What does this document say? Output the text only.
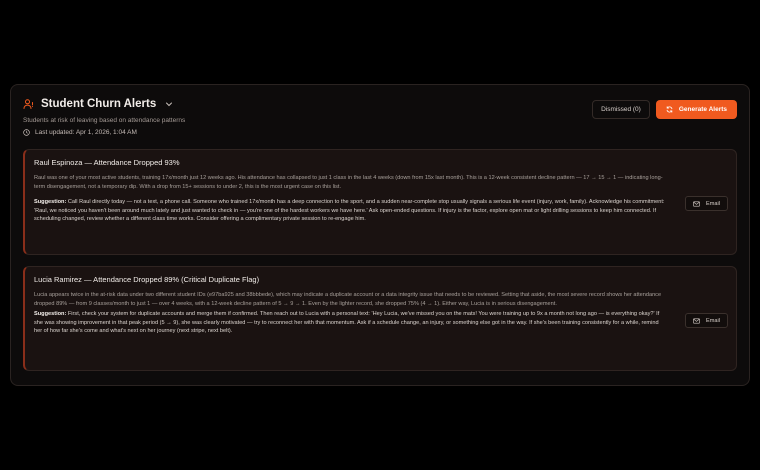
Student Churn Alerts
Students at risk of leaving based on attendance patterns
Last updated: Apr 1, 2026, 1:04 AM
Dismissed (0)	Generate Alerts
Raul Espinoza — Attendance Dropped 93%
Raul was one of your most active students, training 17x/month just 12 weeks ago. His attendance has collapsed to just 1 class in the last 4 weeks (down from 15x last month). This is a 12-week consistent decline pattern — 17 → 15 → 1 — indicating long-term disengagement, not a temporary dip. With a drop from 15+ sessions to under 2, this is the most urgent case on this list.
Suggestion: Call Raul directly today — not a text, a phone call. Someone who trained 17x/month has a deep connection to the sport, and a sudden near-complete stop usually signals a serious life event (injury, work, family). Acknowledge his commitment: 'Raul, we noticed you haven't been around much lately and just wanted to check in — you're one of the hardest workers we have here.' Ask open-ended questions. If injury is the factor, explore open mat or light drilling sessions to keep him connected. If scheduling changed, review whether a different class time works. Consider offering a complimentary private session to re-engage him.
Email
Lucia Ramirez — Attendance Dropped 89% (Critical Duplicate Flag)
Lucia appears twice in the at-risk data under two different student IDs (e97ba925 and 38bbbede), which may indicate a duplicate account or a data integrity issue that needs to be reviewed. Setting that aside, the most severe record shows her attendance dropped 89% — from 9 classes/month to just 1 — over 4 weeks, with a 12-week decline pattern of 5 → 9 → 1. Even by the lighter record, she dropped 75% (4 → 1). Either way, Lucia is in serious disengagement.
Suggestion: First, check your system for duplicate accounts and merge them if confirmed. Then reach out to Lucia with a personal text: 'Hey Lucia, we've missed you on the mats! You were training up to 9x a month not long ago — is everything okay?' If she was showing improvement in that peak period (5 → 9), she was clearly motivated — try to reconnect her with that momentum. Ask if a schedule change, an injury, or something else got in the way. If she's been training consistently for a while, remind her of how far she's come and what's next on her journey (next stripe, next belt).
Email
